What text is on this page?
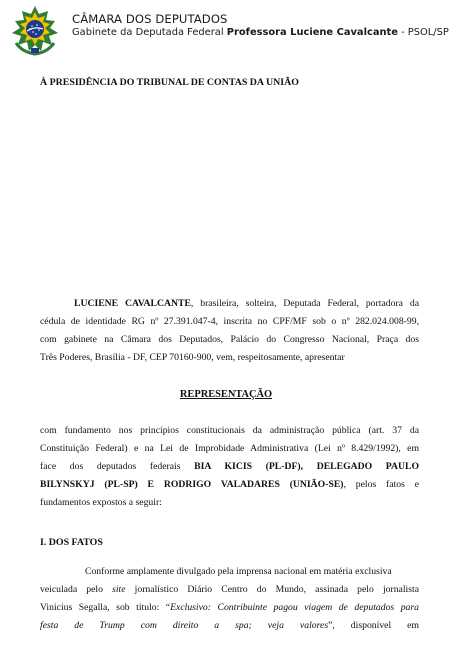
CÂMARA DOS DEPUTADOS
Gabinete da Deputada Federal Professora Luciene Cavalcante - PSOL/SP
À PRESIDÊNCIA DO TRIBUNAL DE CONTAS DA UNIÃO
LUCIENE CAVALCANTE, brasileira, solteira, Deputada Federal, portadora da
cédula de identidade RG nº 27.391.047-4, inscrita no CPF/MF sob o nº 282.024.008-99,
com gabinete na Câmara dos Deputados, Palácio do Congresso Nacional, Praça dos
Três Poderes, Brasília - DF, CEP 70160-900, vem, respeitosamente, apresentar
REPRESENTAÇÃO
com fundamento nos princípios constitucionais da administração pública (art. 37 da
Constituição Federal) e na Lei de Improbidade Administrativa (Lei nº 8.429/1992), em
face dos deputados federais BIA KICIS (PL-DF), DELEGADO PAULO
BILYNSKYJ (PL-SP) E RODRIGO VALADARES (UNIÃO-SE), pelos fatos e
fundamentos expostos a seguir:
I. DOS FATOS
Conforme amplamente divulgado pela imprensa nacional em matéria exclusiva
veiculada pelo site jornalístico Diário Centro do Mundo, assinada pelo jornalista
Vinicius Segalla, sob título: “Exclusivo: Contribuinte pagou viagem de deputados para
festa de Trump com direito a spa; veja valores”, disponível em
